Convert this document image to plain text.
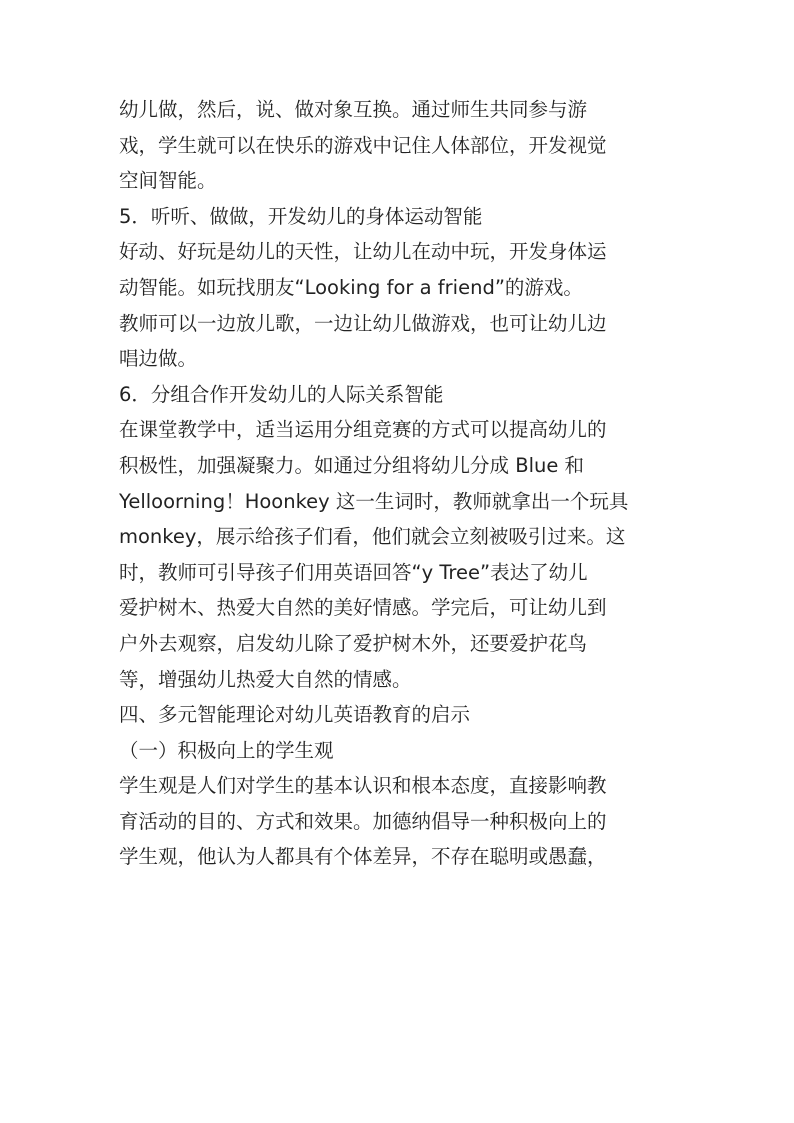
幼儿做，然后，说、做对象互换。通过师生共同参与游
戏，学生就可以在快乐的游戏中记住人体部位，开发视觉
空间智能。
5．听听、做做，开发幼儿的身体运动智能
好动、好玩是幼儿的天性，让幼儿在动中玩，开发身体运
动智能。如玩找朋友“Looking for a friend”的游戏。
教师可以一边放儿歌，一边让幼儿做游戏，也可让幼儿边
唱边做。
6．分组合作开发幼儿的人际关系智能
在课堂教学中，适当运用分组竞赛的方式可以提高幼儿的
积极性，加强凝聚力。如通过分组将幼儿分成 Blue 和
Yelloorning！Hoonkey 这一生词时，教师就拿出一个玩具
monkey，展示给孩子们看，他们就会立刻被吸引过来。这
时，教师可引导孩子们用英语回答“y Tree”表达了幼儿
爱护树木、热爱大自然的美好情感。学完后，可让幼儿到
户外去观察，启发幼儿除了爱护树木外，还要爱护花鸟
等，增强幼儿热爱大自然的情感。
四、多元智能理论对幼儿英语教育的启示
（一）积极向上的学生观
学生观是人们对学生的基本认识和根本态度，直接影响教
育活动的目的、方式和效果。加德纳倡导一种积极向上的
学生观，他认为人都具有个体差异，不存在聪明或愚蠢，
